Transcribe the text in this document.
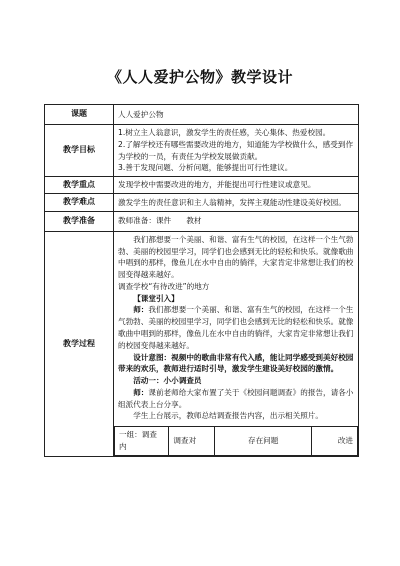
《人人爱护公物》教学设计
课题	人人爱护公物
教学目标	

1.树立主人翁意识，激发学生的责任感，关心集体、热爱校园。

2.了解学校还有哪些需要改进的地方，知道能为学校做什么，感受到作为学校的一员，有责任为学校发展做贡献。

3.善于发现问题、分析问题，能够提出可行性建议。

教学重点	发现学校中需要改进的地方，并能提出可行性建议或意见。
教学难点	激发学生的责任意识和主人翁精神，发挥主观能动性建设美好校园。
教学准备	教师准备：课件　　教材
教学过程	

我们都想要一个美丽、和谐、富有生气的校园，在这样一个生气勃勃、美丽的校园里学习，同学们也会感到无比的轻松和快乐。就像歌曲中唱到的那样，像鱼儿在水中自由的徜徉，大家肯定非常想让我们的校园变得越来越好。

调查学校“有待改进”的地方

【课堂引入】

师：我们都想要一个美丽、和谐、富有生气的校园，在这样一个生气勃勃、美丽的校园里学习，同学们也会感到无比的轻松和快乐。就像歌曲中唱到的那样，像鱼儿在水中自由的徜徉，大家肯定非常想让我们的校园变得越来越好。

设计意图：视频中的歌曲非常有代入感，能让同学感受到美好校园带来的欢乐，教师进行适时引导，激发学生建设美好校园的激情。

活动一：小小调查员

师：课前老师给大家布置了关于《校园问题调查》的报告，请各小组派代表上台分享。

学生上台展示，教师总结调查报告内容，出示相关照片。

一组：调查内	调查对	存在问题	改进
